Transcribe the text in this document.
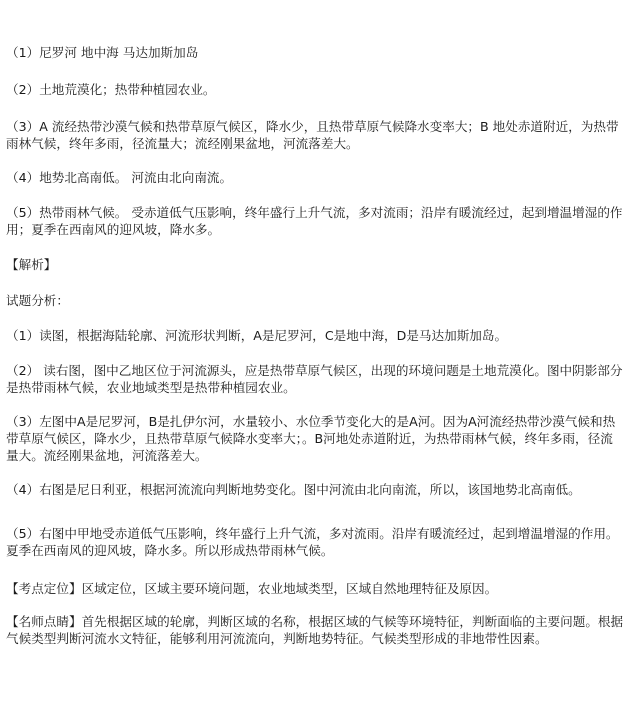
（1）尼罗河 地中海 马达加斯加岛

（2）土地荒漠化；热带种植园农业。

（3）A 流经热带沙漠气候和热带草原气候区，降水少，且热带草原气候降水变率大；B 地处赤道附近，为热带雨林气候，终年多雨，径流量大；流经刚果盆地，河流落差大。

（4）地势北高南低。 河流由北向南流。

（5）热带雨林气候。 受赤道低气压影响，终年盛行上升气流，多对流雨；沿岸有暖流经过，起到增温增湿的作用；夏季在西南风的迎风坡，降水多。

【解析】

试题分析：

（1）读图，根据海陆轮廓、河流形状判断，A是尼罗河，C是地中海，D是马达加斯加岛。

（2） 读右图，图中乙地区位于河流源头，应是热带草原气候区，出现的环境问题是土地荒漠化。图中阴影部分是热带雨林气候，农业地域类型是热带种植园农业。

（3）左图中A是尼罗河，B是扎伊尔河，水量较小、水位季节变化大的是A河。因为A河流经热带沙漠气候和热带草原气候区，降水少，且热带草原气候降水变率大；。B河地处赤道附近，为热带雨林气候，终年多雨，径流量大。流经刚果盆地，河流落差大。

（4）右图是尼日利亚，根据河流流向判断地势变化。图中河流由北向南流，所以，该国地势北高南低。

（5）右图中甲地受赤道低气压影响，终年盛行上升气流，多对流雨。沿岸有暖流经过，起到增温增湿的作用。夏季在西南风的迎风坡，降水多。所以形成热带雨林气候。

【考点定位】区域定位，区域主要环境问题，农业地域类型，区域自然地理特征及原因。

【名师点睛】首先根据区域的轮廓，判断区域的名称，根据区域的气候等环境特征，判断面临的主要问题。根据气候类型判断河流水文特征，能够利用河流流向，判断地势特征。气候类型形成的非地带性因素。
